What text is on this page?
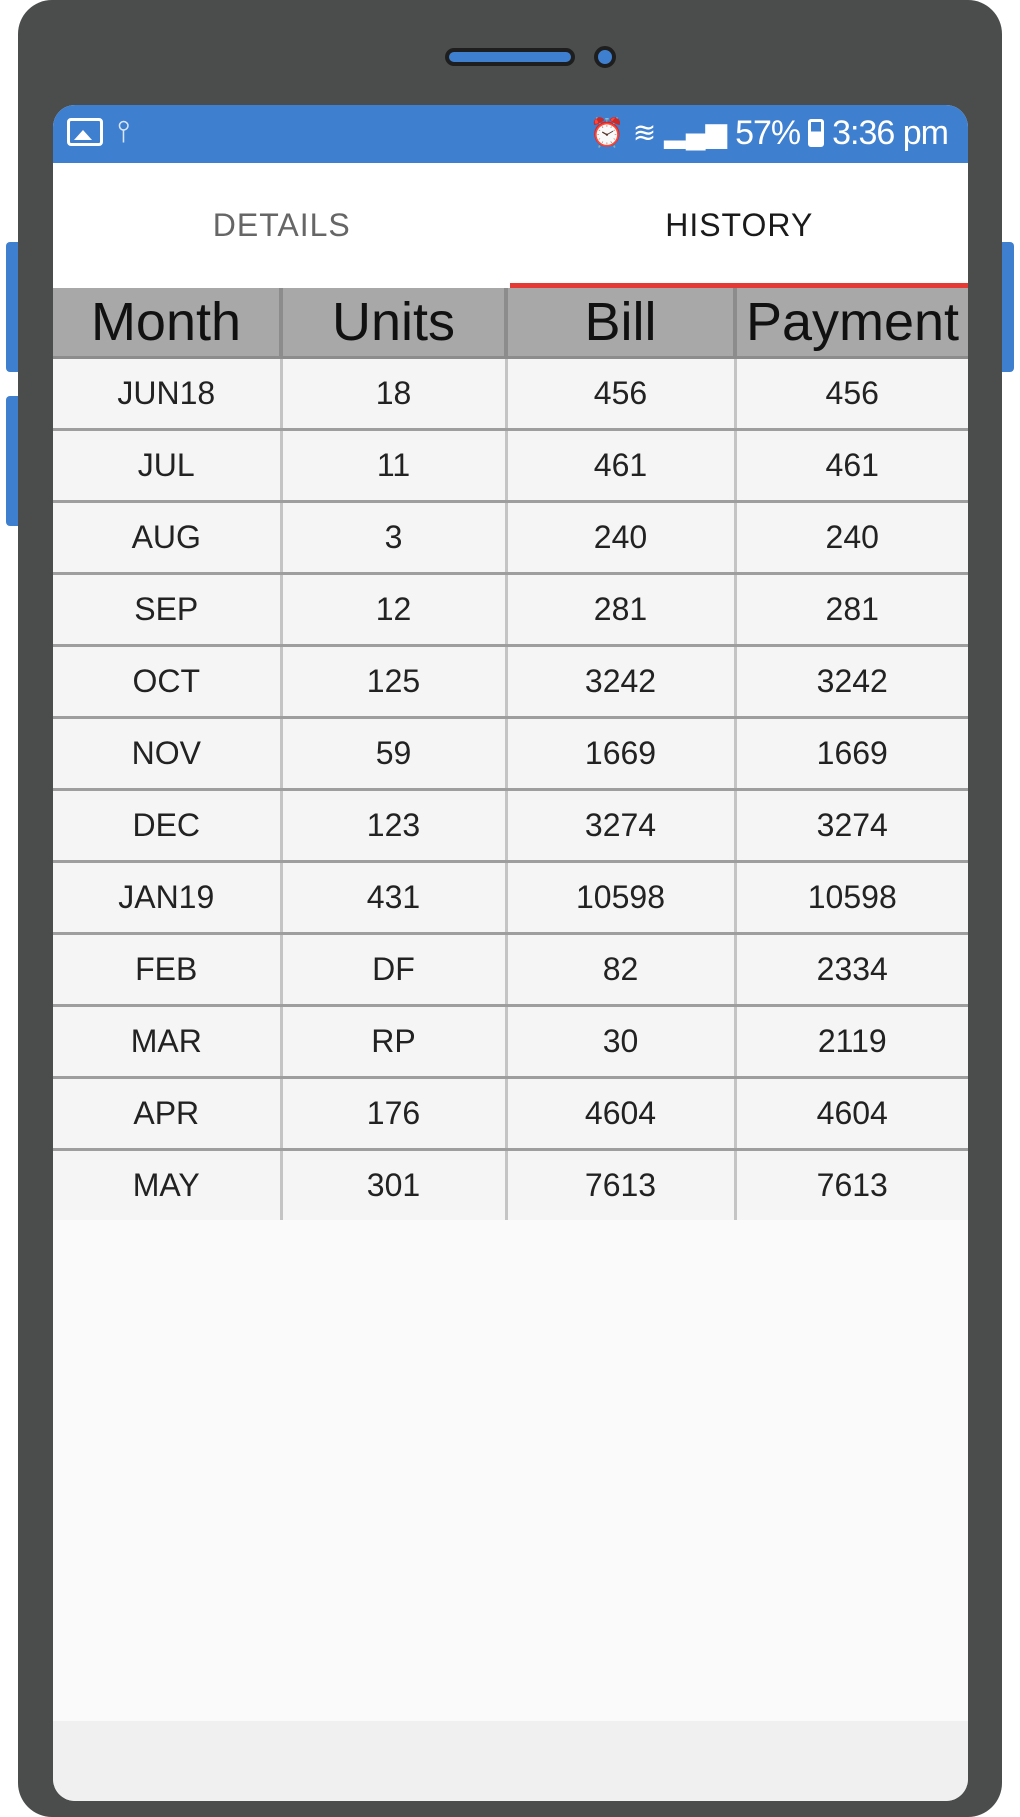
⫯	⏰ ≋ ▂▄▆ 57% 3:36 pm
DETAILS	HISTORY
Month	Units	Bill	Payment
JUN18	18	456	456
JUL	11	461	461
AUG	3	240	240
SEP	12	281	281
OCT	125	3242	3242
NOV	59	1669	1669
DEC	123	3274	3274
JAN19	431	10598	10598
FEB	DF	82	2334
MAR	RP	30	2119
APR	176	4604	4604
MAY	301	7613	7613
